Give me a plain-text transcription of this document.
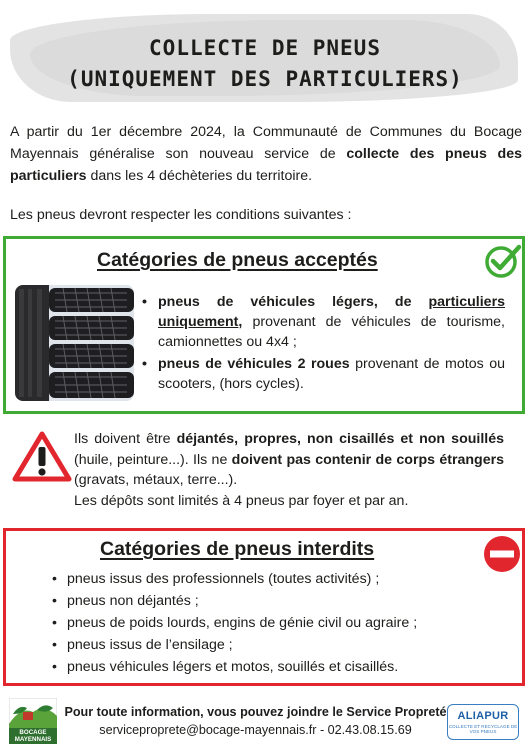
COLLECTE DE PNEUS
(UNIQUEMENT DES PARTICULIERS)
A partir du 1er décembre 2024, la Communauté de Communes du Bocage Mayennais généralise son nouveau service de collecte des pneus des particuliers dans les 4 déchèteries du territoire.
Les pneus devront respecter les conditions suivantes :
Catégories de pneus acceptés
• pneus de véhicules légers, de particuliers uniquement, provenant de véhicules de tourisme, camionnettes ou 4x4 ;
• pneus de véhicules 2 roues provenant de motos ou scooters, (hors cycles).
Ils doivent être déjantés, propres, non cisaillés et non souillés (huile, peinture...). Ils ne doivent pas contenir de corps étrangers (gravats, métaux, terre...).
Les dépôts sont limités à 4 pneus par foyer et par an.
Catégories de pneus interdits
• pneus issus des professionnels (toutes activités) ;
• pneus non déjantés ;
• pneus de poids lourds, engins de génie civil ou agraire ;
• pneus issus de l’ensilage ;
• pneus véhicules légers et motos, souillés et cisaillés.
BOCAGE
MAYENNAIS
Pour toute information, vous pouvez joindre le Service Propreté
serviceproprete@bocage-mayennais.fr - 02.43.08.15.69
ALIAPUR
COLLECTE ET RECYCLAGE DE VOS PNEUS
